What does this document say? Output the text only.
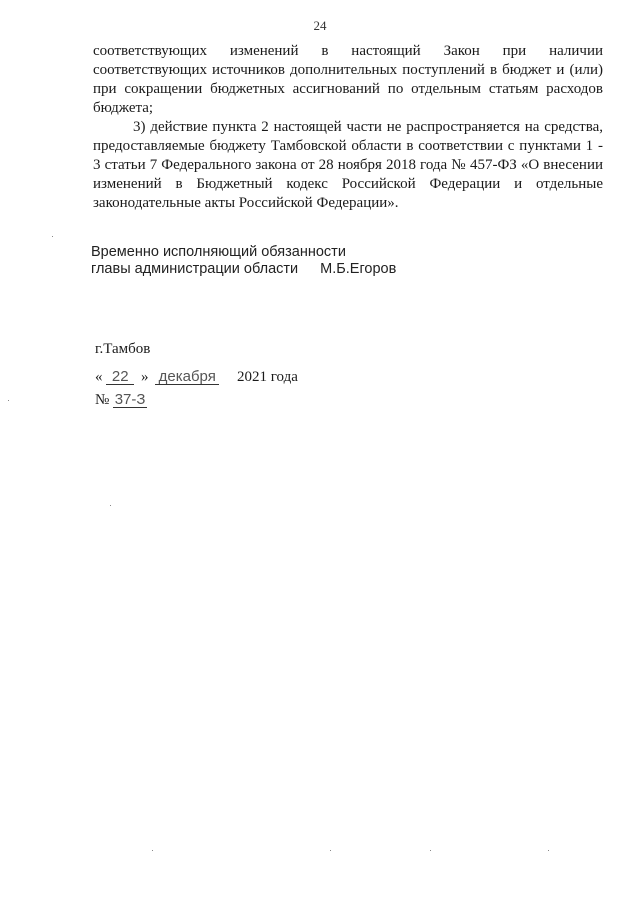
24

соответствующих изменений в настоящий Закон при наличии соответствующих источников дополнительных поступлений в бюджет и (или) при сокращении бюджетных ассигнований по отдельным статьям расходов бюджета;

3) действие пункта 2 настоящей части не распространяется на средства, предоставляемые бюджету Тамбовской области в соответствии с пунктами 1 - 3 статьи 7 Федерального закона от 28 ноября 2018 года № 457-ФЗ «О внесении изменений в Бюджетный кодекс Российской Федерации и отдельные законодательные акты Российской Федерации».

Временно исполняющий обязанности
главы администрации области М.Б.Егоров
г.Тамбов
« 22 » декабря 2021 года
№ 37-З
